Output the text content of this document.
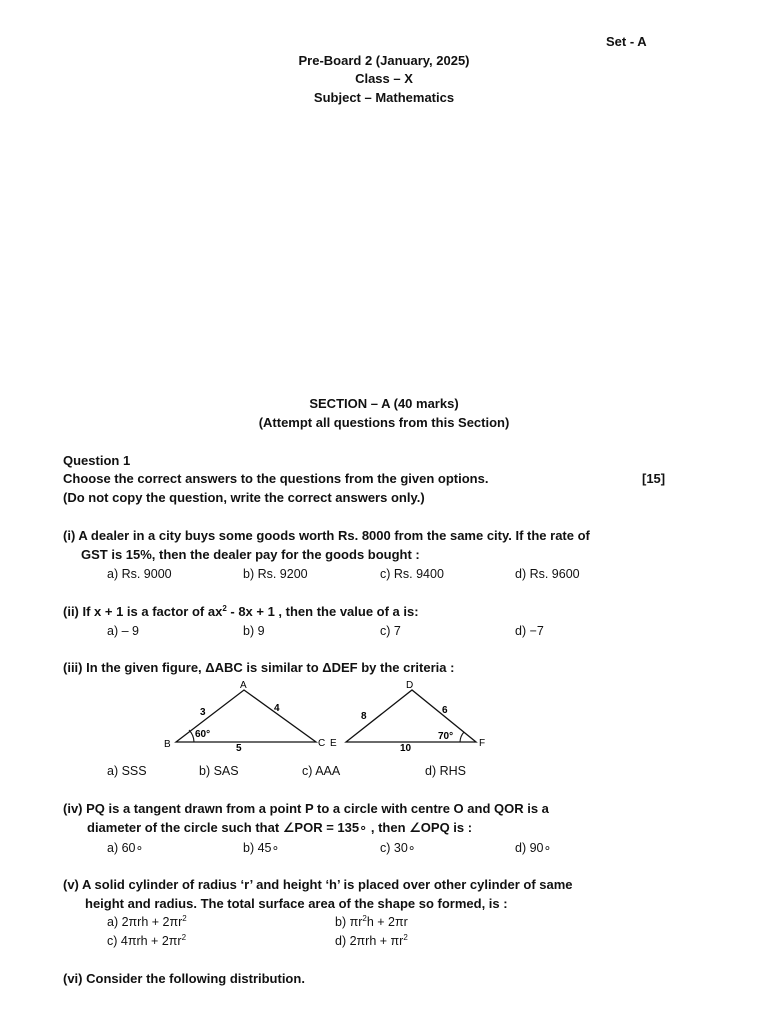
Set - A
Pre-Board 2 (January, 2025)
Class – X
Subject – Mathematics
SECTION – A (40 marks)
(Attempt all questions from this Section)
Question 1
Choose the correct answers to the questions from the given options.	[15]
(Do not copy the question, write the correct answers only.)
(i) A dealer in a city buys some goods worth Rs. 8000 from the same city. If the rate of
GST is 15%, then the dealer pay for the goods bought :
a) Rs. 9000	b) Rs. 9200	c) Rs. 9400	d) Rs. 9600
(ii) If x + 1 is a factor of $ax^2 - 8x + 1$ , then the value of a is:
a) – 9	b) 9	c) 7	d) −7
(iii) In the given figure, ΔABC is similar to ΔDEF by the criteria :
A
B	C
3	4
5
60°
D
E	F
8
6
10
70°
a) SSS	b) SAS	c) AAA	d) RHS
(iv) PQ is a tangent drawn from a point P to a circle with centre O and QOR is a
diameter of the circle such that ∠POR = 135∘ , then ∠OPQ is :
a) 60∘	b) 45∘	c) 30∘	d) 90∘
(v) A solid cylinder of radius ‘r’ and height ‘h’ is placed over other cylinder of same
height and radius. The total surface area of the shape so formed, is :
a) $2\pi rh + 2\pi r^2$	b) $\pi r^2h + 2\pi r$
c) $4\pi rh + 2\pi r^2$	d) $2\pi rh + \pi r^2$
(vi) Consider the following distribution.
